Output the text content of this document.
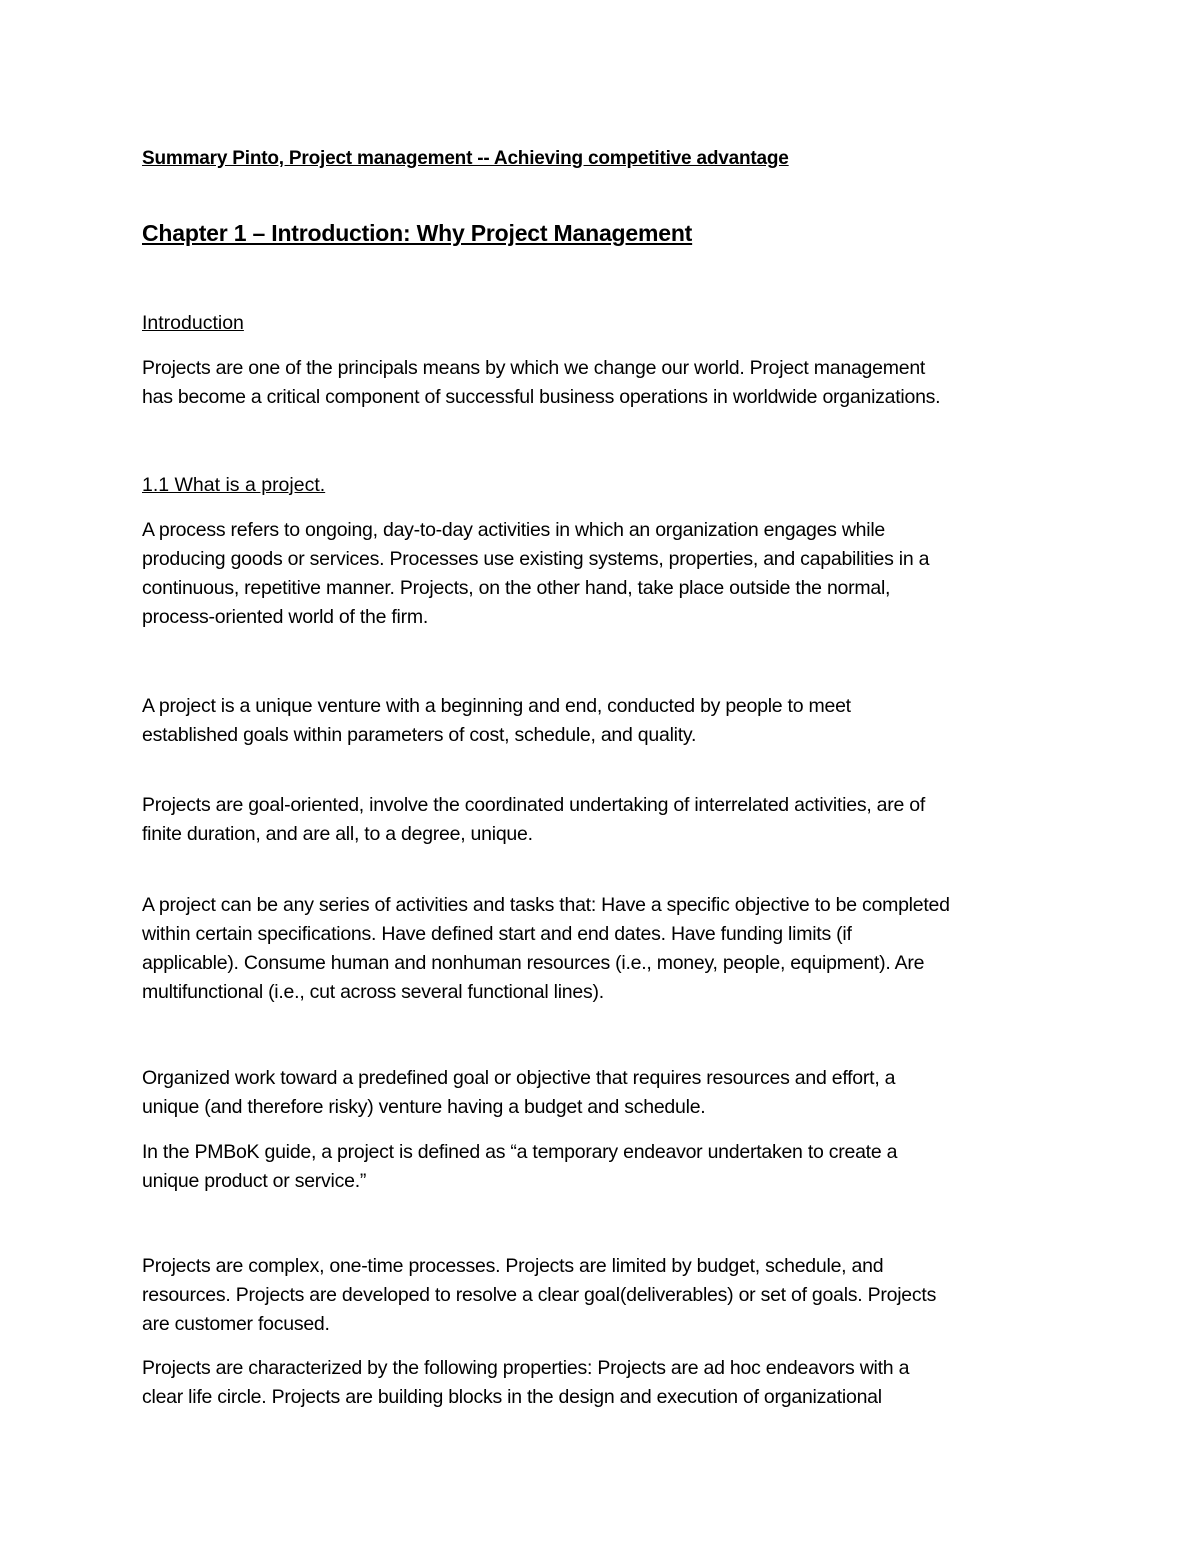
Summary Pinto, Project management -- Achieving competitive advantage
Chapter 1 – Introduction: Why Project Management
Introduction

Projects are one of the principals means by which we change our world. Project management
has become a critical component of successful business operations in worldwide organizations.

1.1 What is a project.

A process refers to ongoing, day-to-day activities in which an organization engages while
producing goods or services. Processes use existing systems, properties, and capabilities in a
continuous, repetitive manner. Projects, on the other hand, take place outside the normal,
process-oriented world of the firm.

A project is a unique venture with a beginning and end, conducted by people to meet
established goals within parameters of cost, schedule, and quality.

Projects are goal-oriented, involve the coordinated undertaking of interrelated activities, are of
finite duration, and are all, to a degree, unique.

A project can be any series of activities and tasks that: Have a specific objective to be completed
within certain specifications. Have defined start and end dates. Have funding limits (if
applicable). Consume human and nonhuman resources (i.e., money, people, equipment). Are
multifunctional (i.e., cut across several functional lines).

Organized work toward a predefined goal or objective that requires resources and effort, a
unique (and therefore risky) venture having a budget and schedule.

In the PMBoK guide, a project is defined as “a temporary endeavor undertaken to create a
unique product or service.”

Projects are complex, one-time processes. Projects are limited by budget, schedule, and
resources. Projects are developed to resolve a clear goal(deliverables) or set of goals. Projects
are customer focused.

Projects are characterized by the following properties: Projects are ad hoc endeavors with a
clear life circle. Projects are building blocks in the design and execution of organizational
